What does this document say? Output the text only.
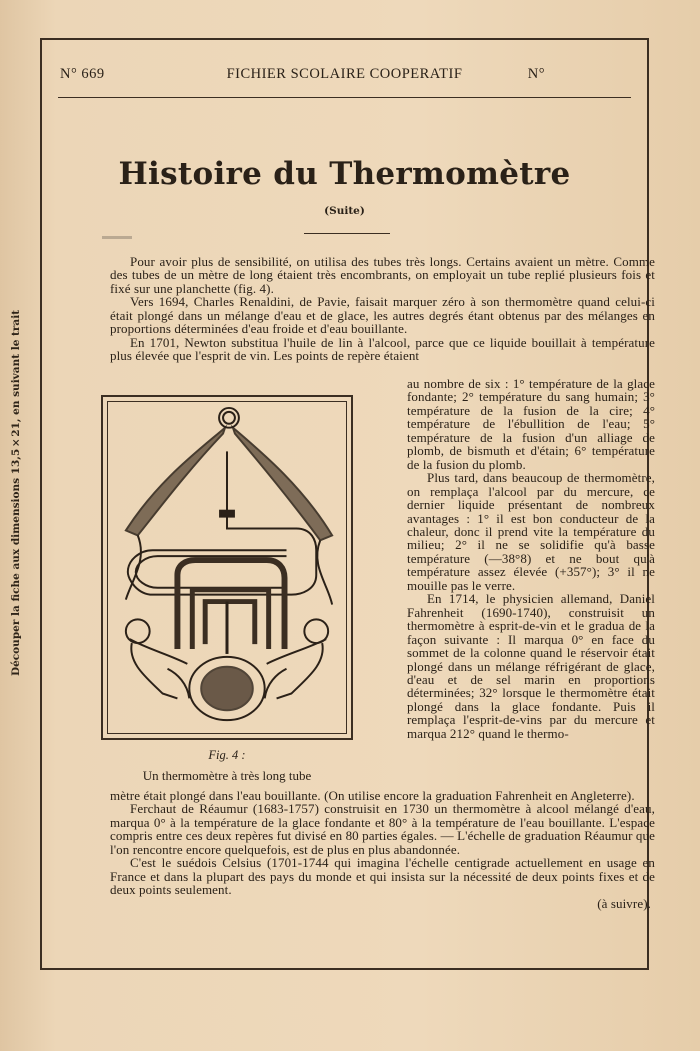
Découper la fiche aux dimensions 13,5×21, en suivant le trait
N° 669	FICHIER SCOLAIRE COOPERATIF	N°
Histoire du Thermomètre
(Suite)

Pour avoir plus de sensibilité, on utilisa des tubes très longs. Certains avaient un mètre. Comme des tubes de un mètre de long étaient très encombrants, on employait un tube replié plusieurs fois et fixé sur une planchette (fig. 4).

Vers 1694, Charles Renaldini, de Pavie, faisait marquer zéro à son thermomètre quand celui-ci était plongé dans un mélange d'eau et de glace, les autres degrés étant obtenus par des mélanges en proportions déterminées d'eau froide et d'eau bouillante.

En 1701, Newton substitua l'huile de lin à l'alcool, parce que ce liquide bouillait à température plus élevée que l'esprit de vin. Les points de repère étaient

au nombre de six : 1° température de la glace fondante; 2° température du sang humain; 3° température de la fusion de la cire; 4° température de l'ébullition de l'eau; 5° température de la fusion d'un alliage de plomb, de bismuth et d'étain; 6° température de la fusion du plomb.

Plus tard, dans beaucoup de thermomètre, on remplaça l'alcool par du mercure, ce dernier liquide présentant de nombreux avantages : 1° il est bon conducteur de la chaleur, donc il prend vite la température du milieu; 2° il ne se solidifie qu'à basse température (—38°8) et ne bout qu'à température assez élevée (+357°); 3° il ne mouille pas le verre.

En 1714, le physicien allemand, Daniel Fahrenheit (1690-1740), construisit un thermomètre à esprit-de-vin et le gradua de la façon suivante : Il marqua 0° en face du sommet de la colonne quand le réservoir était plongé dans un mélange réfrigérant de glace, d'eau et de sel marin en proportions déterminées; 32° lorsque le thermomètre était plongé dans la glace fondante. Puis il remplaça l'esprit-de-vins par du mercure et marqua 212° quand le thermo-

Fig. 4 :
Un thermomètre à très long tube

mètre était plongé dans l'eau bouillante. (On utilise encore la graduation Fahrenheit en Angleterre).

Ferchaut de Réaumur (1683-1757) construisit en 1730 un thermomètre à alcool mélangé d'eau, marqua 0° à la température de la glace fondante et 80° à la température de l'eau bouillante. L'espace compris entre ces deux repères fut divisé en 80 parties égales. — L'échelle de graduation Réaumur que l'on rencontre encore quelquefois, est de plus en plus abandonnée.

C'est le suédois Celsius (1701-1744 qui imagina l'échelle centigrade actuellement en usage en France et dans la plupart des pays du monde et qui insista sur la nécessité de deux points fixes et de deux points seulement.

(à suivre).
